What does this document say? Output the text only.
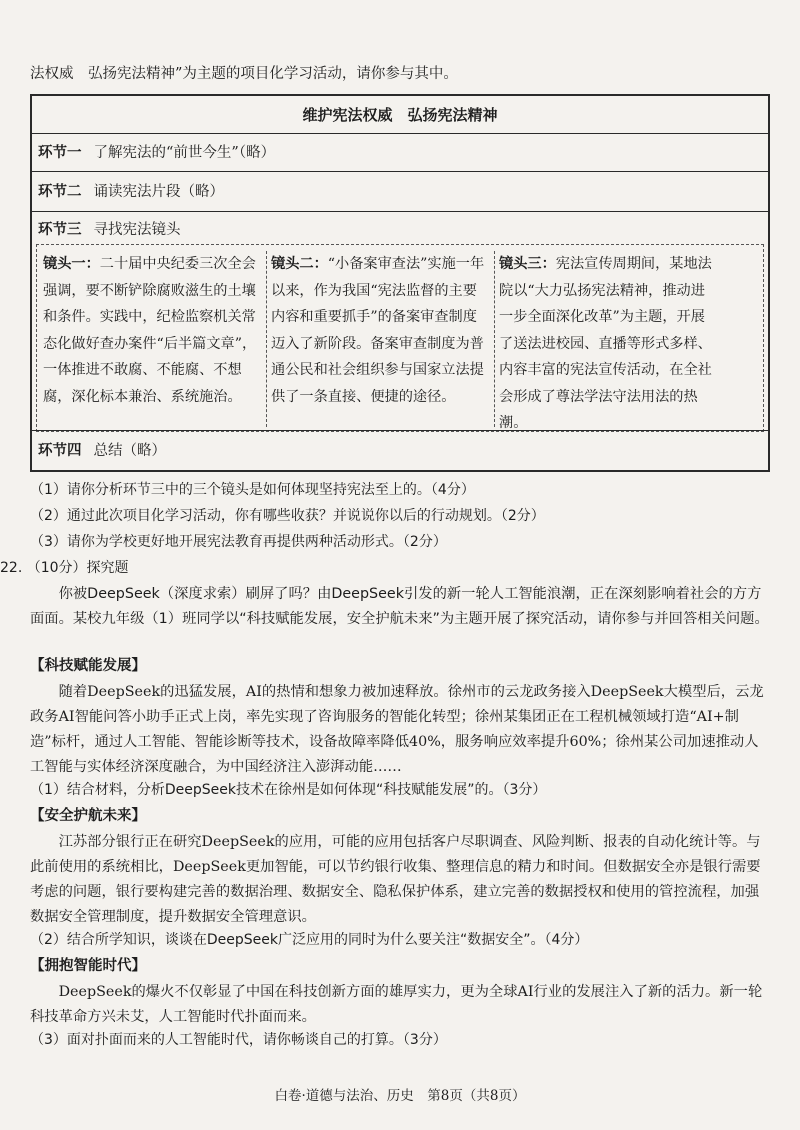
法权威　弘扬宪法精神”为主题的项目化学习活动，请你参与其中。
维护宪法权威　弘扬宪法精神
环节一 了解宪法的“前世今生”（略）
环节二 诵读宪法片段（略）
环节三 寻找宪法镜头
镜头一：二十届中央纪委三次全会强调，要不断铲除腐败滋生的土壤和条件。实践中，纪检监察机关常态化做好查办案件“后半篇文章”，一体推进不敢腐、不能腐、不想腐，深化标本兼治、系统施治。
镜头二：“小备案审查法”实施一年以来，作为我国“宪法监督的主要内容和重要抓手”的备案审查制度迈入了新阶段。备案审查制度为普通公民和社会组织参与国家立法提供了一条直接、便捷的途径。
镜头三：宪法宣传周期间，某地法院以“大力弘扬宪法精神，推动进一步全面深化改革”为主题，开展了送法进校园、直播等形式多样、内容丰富的宪法宣传活动，在全社会形成了尊法学法守法用法的热潮。
环节四 总结（略）
（1）请你分析环节三中的三个镜头是如何体现坚持宪法至上的。（4分）
（2）通过此次项目化学习活动，你有哪些收获？并说说你以后的行动规划。（2分）
（3）请你为学校更好地开展宪法教育再提供两种活动形式。（2分）
22. （10分）探究题
你被DeepSeek（深度求索）刷屏了吗？由DeepSeek引发的新一轮人工智能浪潮，正在深刻影响着社会的方方面面。某校九年级（1）班同学以“科技赋能发展，安全护航未来”为主题开展了探究活动，请你参与并回答相关问题。
【科技赋能发展】
随着DeepSeek的迅猛发展，AI的热情和想象力被加速释放。徐州市的云龙政务接入DeepSeek大模型后，云龙政务AI智能问答小助手正式上岗，率先实现了咨询服务的智能化转型；徐州某集团正在工程机械领域打造“AI+制造”标杆，通过人工智能、智能诊断等技术，设备故障率降低40%，服务响应效率提升60%；徐州某公司加速推动人工智能与实体经济深度融合，为中国经济注入澎湃动能……
（1）结合材料，分析DeepSeek技术在徐州是如何体现“科技赋能发展”的。（3分）
【安全护航未来】
江苏部分银行正在研究DeepSeek的应用，可能的应用包括客户尽职调查、风险判断、报表的自动化统计等。与此前使用的系统相比，DeepSeek更加智能，可以节约银行收集、整理信息的精力和时间。但数据安全亦是银行需要考虑的问题，银行要构建完善的数据治理、数据安全、隐私保护体系，建立完善的数据授权和使用的管控流程，加强数据安全管理制度，提升数据安全管理意识。
（2）结合所学知识，谈谈在DeepSeek广泛应用的同时为什么要关注“数据安全”。（4分）
【拥抱智能时代】
DeepSeek的爆火不仅彰显了中国在科技创新方面的雄厚实力，更为全球AI行业的发展注入了新的活力。新一轮科技革命方兴未艾，人工智能时代扑面而来。
（3）面对扑面而来的人工智能时代，请你畅谈自己的打算。（3分）
白卷·道德与法治、历史　第8页（共8页）
